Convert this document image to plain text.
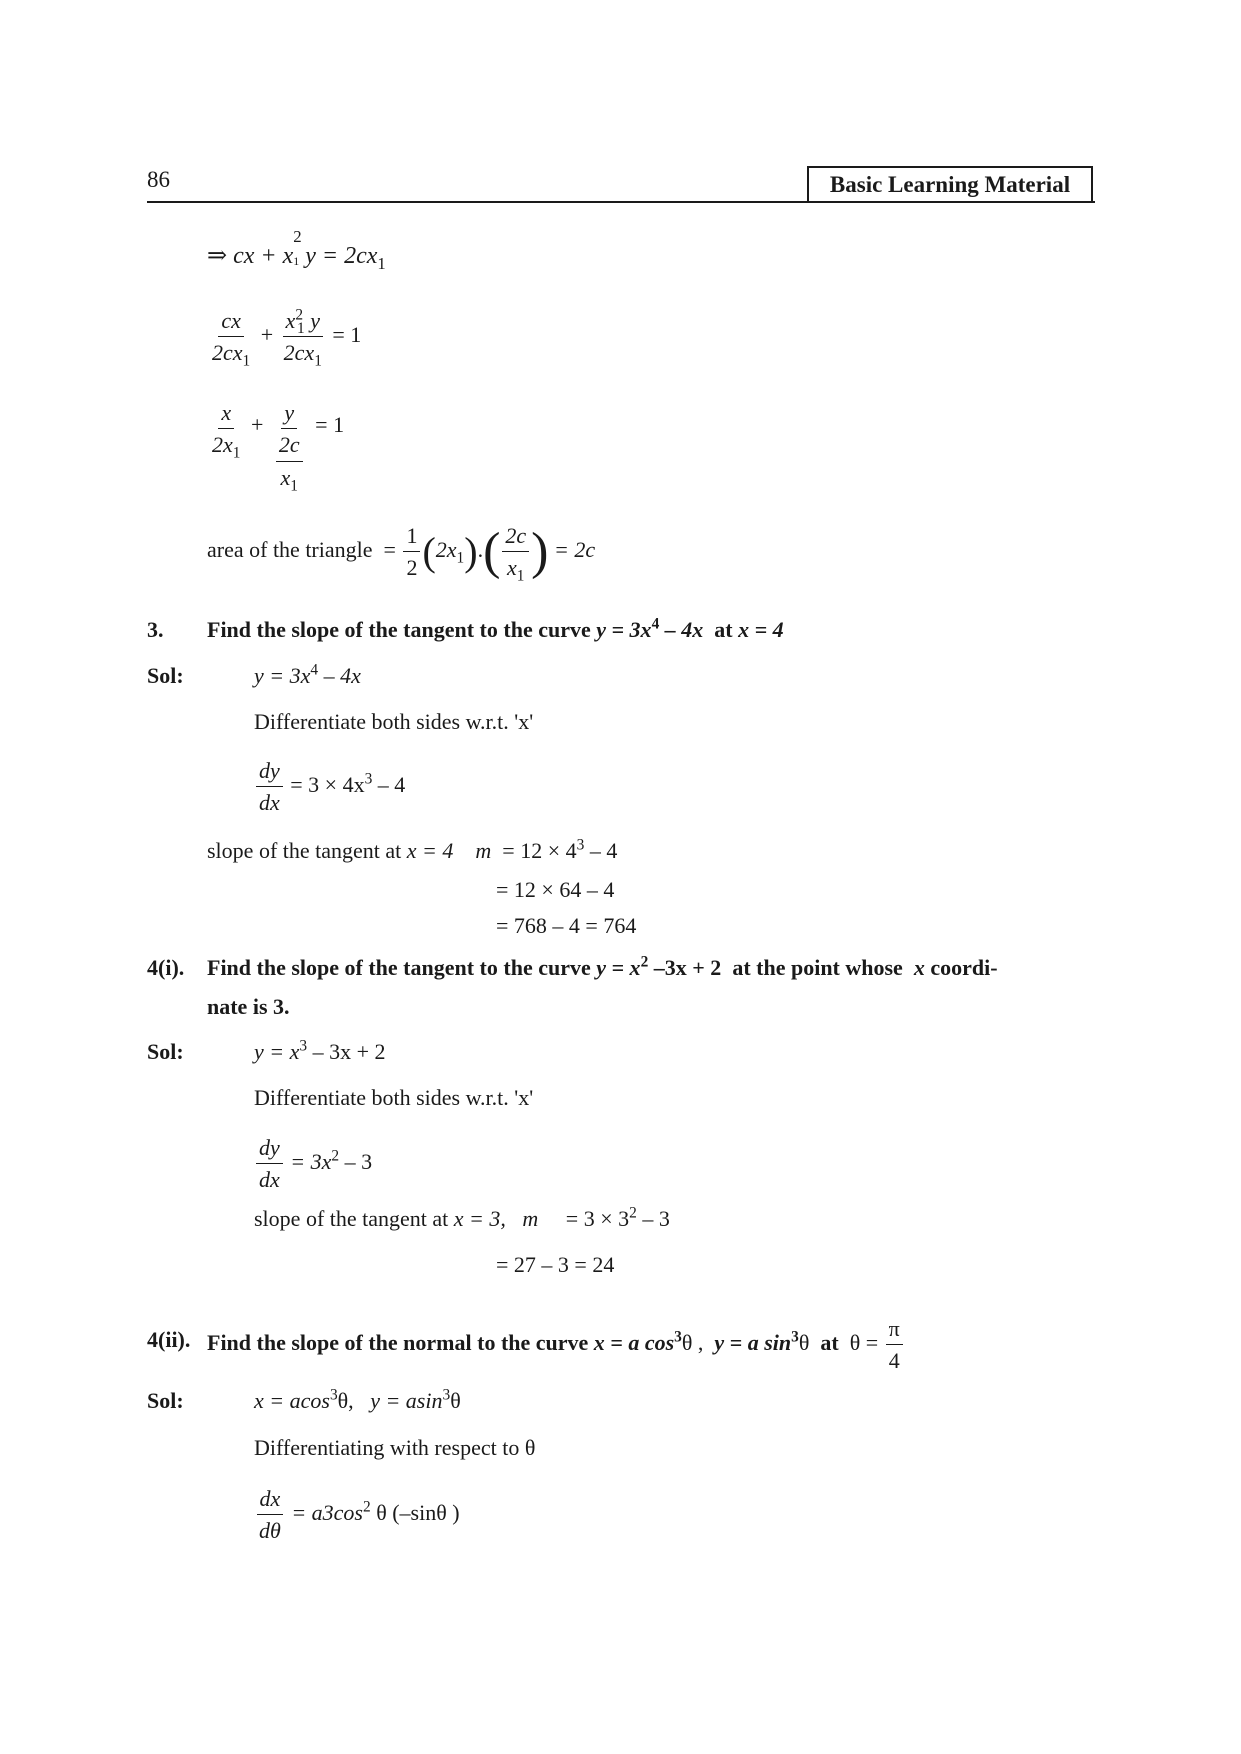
86	Basic Learning Material
⇒ cx + x
2
1 $y = 2cx_1$
$\frac{cx}{2cx_1} + \frac{x^2_1 y}{2cx_1} = 1$
$\frac{x}{2x_1} + \frac{y}{\frac{2c}{x_1}} = 1$
area of the triangle = $\frac{1}{2} (2x_1).( \frac{2c}{x_1}$ ) = 2c
3. Find the slope of the tangent to the curve $y = 3x^4 - 4x$ at x = 4
Sol:	$y = 3x^4 - 4x$
Differentiate both sides w.r.t. 'x'
$\frac{dy}{dx} = 3 \times 4x^3 - 4$
slope of the tangent at x = 4 $m = 12 \times 4^3 - 4$
= 12 × 64 – 4
= 768 – 4 = 764
4(i). Find the slope of the tangent to the curve $y = x^2$ –3x + 2 at the point whose x coordi-
nate is 3.
Sol:	$y = x^3 - 3x + 2$
Differentiate both sides w.r.t. 'x'
$\frac{dy}{dx} = 3x^2 - 3$
slope of the tangent at x = 3, $m = 3 \times 3^2 - 3$
= 27 – 3 = 24
4(ii). Find the slope of the normal to the curve x = a $\cos^3\theta$ , y = a $\sin^3\theta$ at $\theta = \frac{\pi}{4}$
Sol:	x = acos$^3$θ, y = asin$^3$θ
Differentiating with respect to θ
$\frac{dx}{d\theta} = a3\cos^2$ θ (–sinθ )
